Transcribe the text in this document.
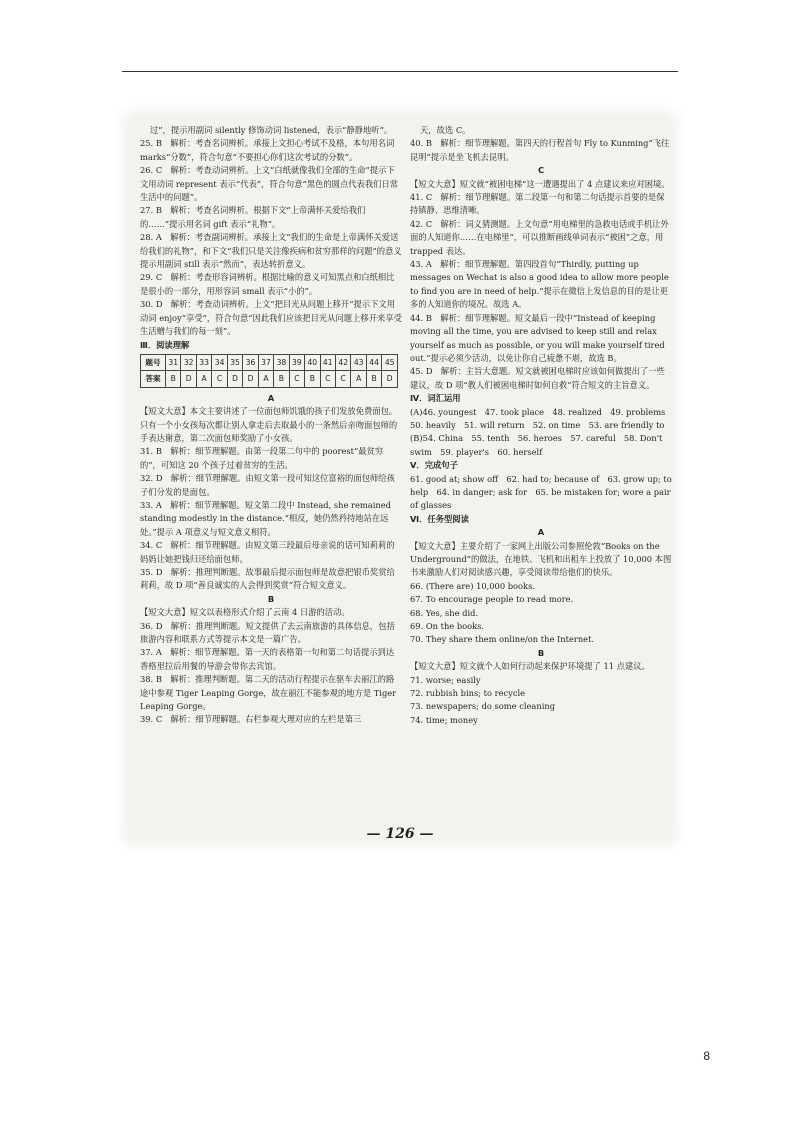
过”，提示用副词 silently 修饰动词 listened，表示“静静地听”。

25. B　解析：考查名词辨析。承接上文担心考试不及格，本句用名词 marks“分数”，符合句意“不要担心你们这次考试的分数”。

26. C　解析：考查动词辨析。上文“白纸就像我们全部的生命”提示下文用动词 represent 表示“代表”，符合句意“黑色的圆点代表我们日常生活中的问题”。

27. B　解析：考查名词辨析。根据下文“上帝满怀关爱给我们的……”提示用名词 gift 表示“礼物”。

28. A　解析：考查副词辨析。承接上文“我们的生命是上帝满怀关爱送给我们的礼物”，和下文“我们只是关注像疾病和贫穷那样的问题”的意义提示用副词 still 表示“然而”，表达转折意义。

29. C　解析：考查形容词辨析。根据比喻的意义可知黑点和白纸相比是很小的一部分，用形容词 small 表示“小的”。

30. D　解析：考查动词辨析。上文“把目光从问题上移开”提示下文用动词 enjoy“享受”，符合句意“因此我们应该把目光从问题上移开来享受生活赠与我们的每一刻”。

Ⅲ．阅读理解

题号	31	32	33	34	35	36	37	38	39	40	41	42	43	44	45
答案	B	D	A	C	D	D	A	B	C	B	C	C	A	B	D

A

【短文大意】本文主要讲述了一位面包师饥饿的孩子们发放免费面包。只有一个小女孩每次都让别人拿走后去取最小的一条然后亲吻面包师的手表达谢意，第二次面包师奖励了小女孩。

31. B　解析：细节理解题。由第一段第二句中的 poorest“最贫穷的”，可知这 20 个孩子过着贫穷的生活。

32. D　解析：细节理解题。由短文第一段可知这位富裕的面包师给孩子们分发的是面包。

33. A　解析：细节理解题。短文第二段中 Instead, she remained standing modestly in the distance.“相反，她仍然矜持地站在远处。”提示 A 项意义与短文意义相符。

34. C　解析：细节理解题。由短文第三段最后母亲说的话可知莉莉的妈妈让她把钱归还给面包师。

35. D　解析：推理判断题。故事最后提示面包师是故意把银币奖赏给莉莉，故 D 项“善良诚实的人会得到奖赏”符合短文意义。

B

【短文大意】短文以表格形式介绍了云南 4 日游的活动。

36. D　解析：推理判断题。短文提供了去云南旅游的具体信息，包括旅游内容和联系方式等提示本文是一篇广告。

37. A　解析：细节理解题。第一天的表格第一句和第二句话提示到达香格里拉后用餐的导游会带你去宾馆。

38. B　解析：推理判断题。第二天的活动行程提示在驱车去丽江的路途中参观 Tiger Leaping Gorge，故在丽江不能参观的地方是 Tiger Leaping Gorge。

39. C　解析：细节理解题。右栏参观大理对应的左栏是第三

天，故选 C。

40. B　解析：细节理解题。第四天的行程首句 Fly to Kunming“飞往昆明”提示是坐飞机去昆明。

C

【短文大意】短文就“被困电梯”这一遭遇提出了 4 点建议来应对困境。

41. C　解析：细节理解题。第二段第一句和第二句话提示首要的是保持镇静、思维清晰。

42. C　解析：词义猜测题。上文句意“用电梯里的急救电话或手机让外面的人知道你……在电梯里”，可以推断画线单词表示“被困”之意，用 trapped 表达。

43. A　解析：细节理解题。第四段首句“Thirdly, putting up messages on Wechat is also a good idea to allow more people to find you are in need of help.”提示在微信上发信息的目的是让更多的人知道你的境况。故选 A。

44. B　解析：细节理解题。短文最后一段中“Instead of keeping moving all the time, you are advised to keep still and relax yourself as much as possible, or you will make yourself tired out.”提示必须少活动，以免让你自己疲惫不堪，故选 B。

45. D　解析：主旨大意题。短文就被困电梯时应该如何做提出了一些建议，故 D 项“教人们被困电梯时如何自救”符合短文的主旨意义。

Ⅳ．词汇运用

(A)46. youngest　47. took place　48. realized　49. problems　50. heavily　51. will return　52. on time　53. are friendly to　(B)54. China　55. tenth　56. heroes　57. careful　58. Don't swim　59. player's　60. herself

Ⅴ．完成句子

61. good at; show off　62. had to; because of　63. grow up; to help　64. in danger; ask for　65. be mistaken for; wore a pair of glasses

Ⅵ．任务型阅读

A

【短文大意】主要介绍了一家网上出版公司参照伦敦“Books on the Underground”的做法，在地铁、飞机和出租车上投放了 10,000 本图书来激励人们对阅读感兴趣，享受阅读带给他们的快乐。

66. (There are) 10,000 books.

67. To encourage people to read more.

68. Yes, she did.

69. On the books.

70. They share them online/on the Internet.

B

【短文大意】短文就个人如何行动起来保护环境提了 11 点建议。

71. worse; easily

72. rubbish bins; to recycle

73. newspapers; do some cleaning

74. time; money

— 126 —
8
